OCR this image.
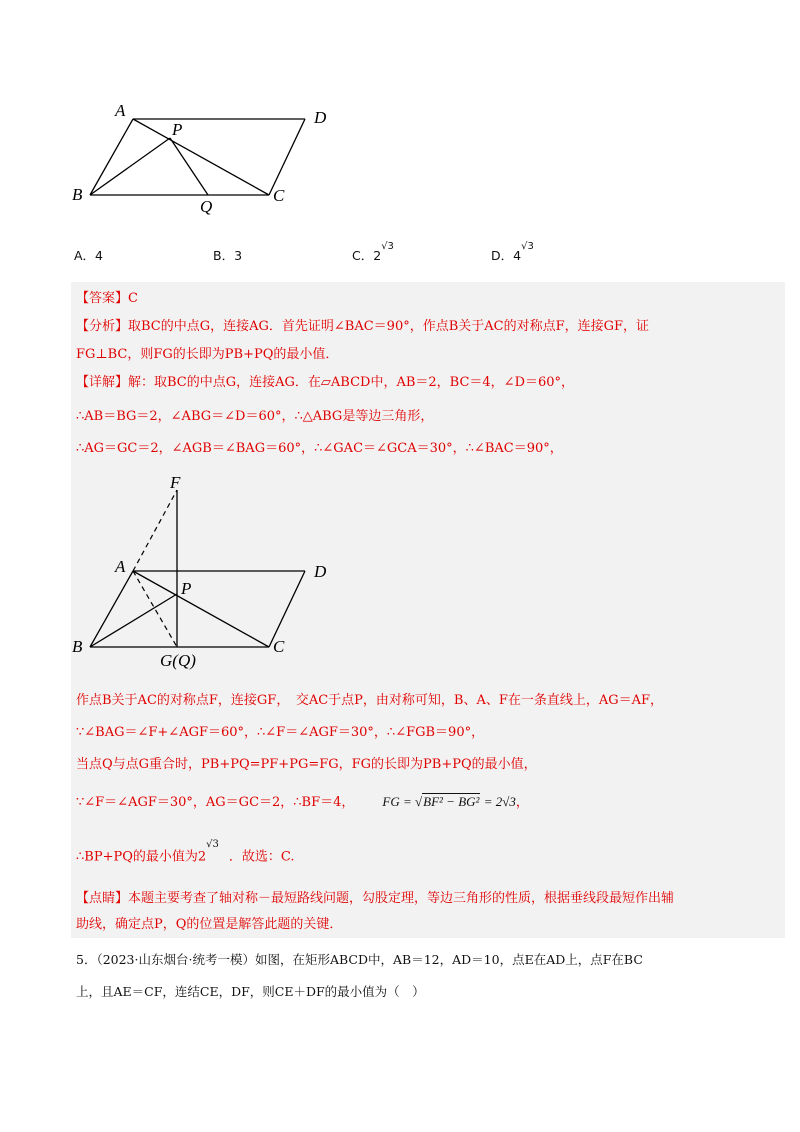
A	D
P
B
Q
C
A．4	B．3	C．$2^{√3}$
D．$4^{√3}$
【答案】C
【分析】取BC的中点G，连接AG．首先证明∠BAC＝90°，作点B关于AC的对称点F，连接GF，证
FG⊥BC，则FG的长即为PB+PQ的最小值．
【详解】解：取BC的中点G，连接AG．在▱ABCD中，AB＝2，BC＝4，∠D＝60°，
∴AB＝BG＝2，∠ABG＝∠D＝60°，∴△ABG是等边三角形，
∴AG＝GC＝2，∠AGB＝∠BAG＝60°，∴∠GAC＝∠GCA＝30°，∴∠BAC＝90°，
F
A	D
P
B
G(Q)
C
作点B关于AC的对称点F，连接GF，　交AC于点P，由对称可知，B、A、F在一条直线上，AG＝AF，
∵∠BAG＝∠F+∠AGF＝60°，∴∠F＝∠AGF＝30°，∴∠FGB＝90°，
当点Q与点G重合时，PB+PQ=PF+PG=FG，FG的长即为PB+PQ的最小值，
∵∠F＝∠AGF＝30°，AG＝GC＝2，∴BF＝4， FG = √BF² − BG² = 2√3，
∴BP+PQ的最小值为$2^{√3}$．故选：C.
【点睛】本题主要考查了轴对称－最短路线问题，勾股定理，等边三角形的性质，根据垂线段最短作出辅
助线，确定点P，Q的位置是解答此题的关键．
5．（2023·山东烟台·统考一模）如图，在矩形ABCD中，AB＝12，AD＝10，点E在AD上，点F在BC
上，且AE＝CF，连结CE，DF，则CE＋DF的最小值为（　）
